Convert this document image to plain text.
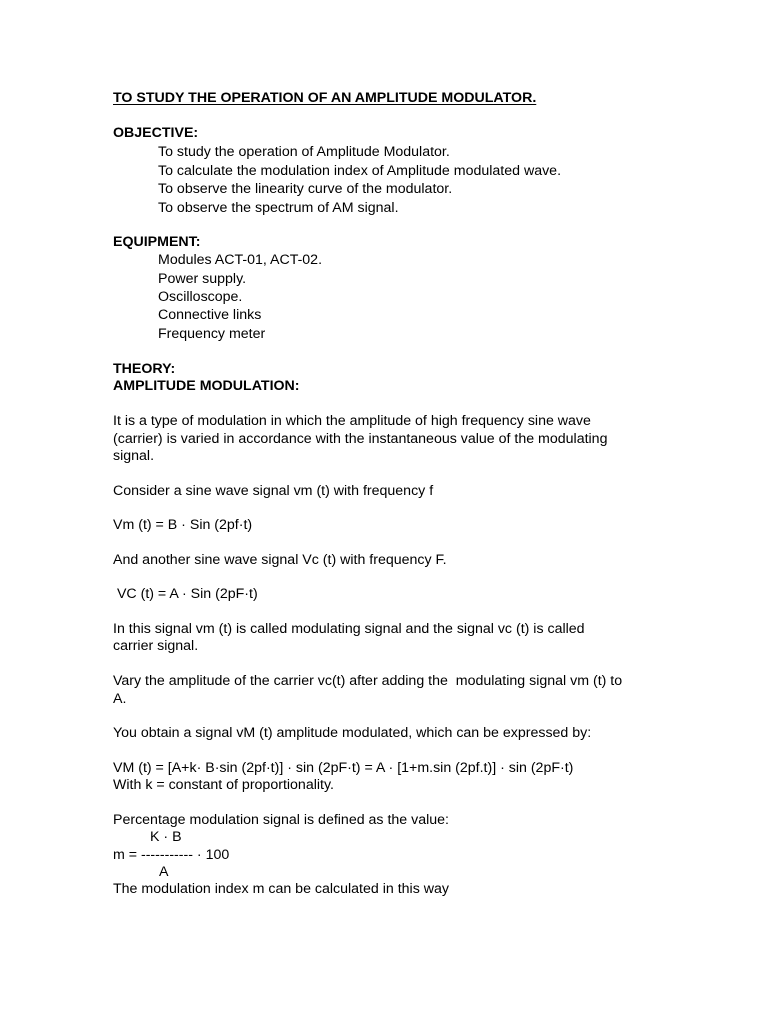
TO STUDY THE OPERATION OF AN AMPLITUDE MODULATOR.
OBJECTIVE:
To study the operation of Amplitude Modulator.
To calculate the modulation index of Amplitude modulated wave.
To observe the linearity curve of the modulator.
To observe the spectrum of AM signal.
EQUIPMENT:
Modules ACT-01, ACT-02.
Power supply.
Oscilloscope.
Connective links
Frequency meter
THEORY:
AMPLITUDE MODULATION:
It is a type of modulation in which the amplitude of high frequency sine wave
(carrier) is varied in accordance with the instantaneous value of the modulating
signal.
Consider a sine wave signal vm (t) with frequency f
Vm (t) = B · Sin (2pf·t)
And another sine wave signal Vc (t) with frequency F.
VC (t) = A · Sin (2pF·t)
In this signal vm (t) is called modulating signal and the signal vc (t) is called
carrier signal.
Vary the amplitude of the carrier vc(t) after adding the  modulating signal vm (t) to
A.
You obtain a signal vM (t) amplitude modulated, which can be expressed by:
VM (t) = [A+k· B·sin (2pf·t)] · sin (2pF·t) = A · [1+m.sin (2pf.t)] · sin (2pF·t)
With k = constant of proportionality.
Percentage modulation signal is defined as the value:
K · B
m = ----------- · 100
A
The modulation index m can be calculated in this way
